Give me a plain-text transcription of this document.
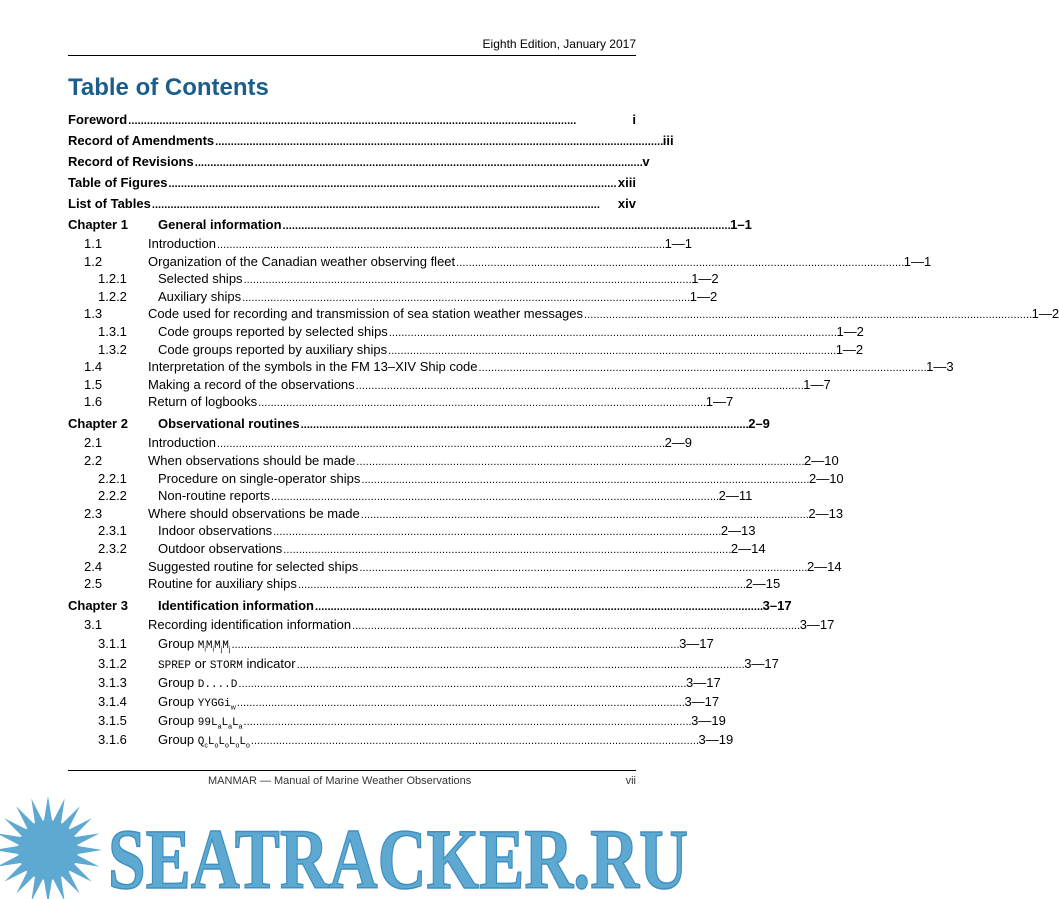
Eighth Edition, January 2017
Table of Contents
Foreword . . .	i
Record of Amendments . . .	iii
Record of Revisions . . .	v
Table of Figures . . .	xiii
List of Tables . . .	xiv
Chapter 1	General information . . .	1–1
1.1	Introduction . . .	1—1
1.2	Organization of the Canadian weather observing fleet . . .	1—1
1.2.1	Selected ships . . .	1—2
1.2.2	Auxiliary ships . . .	1—2
1.3	Code used for recording and transmission of sea station weather messages . . .	1—2
1.3.1	Code groups reported by selected ships . . .	1—2
1.3.2	Code groups reported by auxiliary ships . . .	1—2
1.4	Interpretation of the symbols in the FM 13–XIV Ship code . . .	1—3
1.5	Making a record of the observations . . .	1—7
1.6	Return of logbooks . . .	1—7
Chapter 2	Observational routines . . .	2–9
2.1	Introduction . . .	2—9
2.2	When observations should be made . . .	2—10
2.2.1	Procedure on single-operator ships . . .	2—10
2.2.2	Non-routine reports . . .	2—11
2.3	Where should observations be made . . .	2—13
2.3.1	Indoor observations . . .	2—13
2.3.2	Outdoor observations . . .	2—14
2.4	Suggested routine for selected ships . . .	2—14
2.5	Routine for auxiliary ships . . .	2—15
Chapter 3	Identification information . . .	3–17
3.1	Recording identification information . . .	3—17
3.1.1	Group $M_iM_iM_jM_j$ . . .	3—17
3.1.2	SPREP or STORM indicator . . .	3—17
3.1.3	Group D....D . . .	3—17
3.1.4	Group YYGGi$_w$ . . .	3—17
3.1.5	Group $99L_aL_aL_a$ . . .	3—19
3.1.6	Group $Q_cL_oL_oL_oL_o$ . . .	3—19
MANMAR — Manual of Marine Weather Observations	vii
SEATRACKER.RU
